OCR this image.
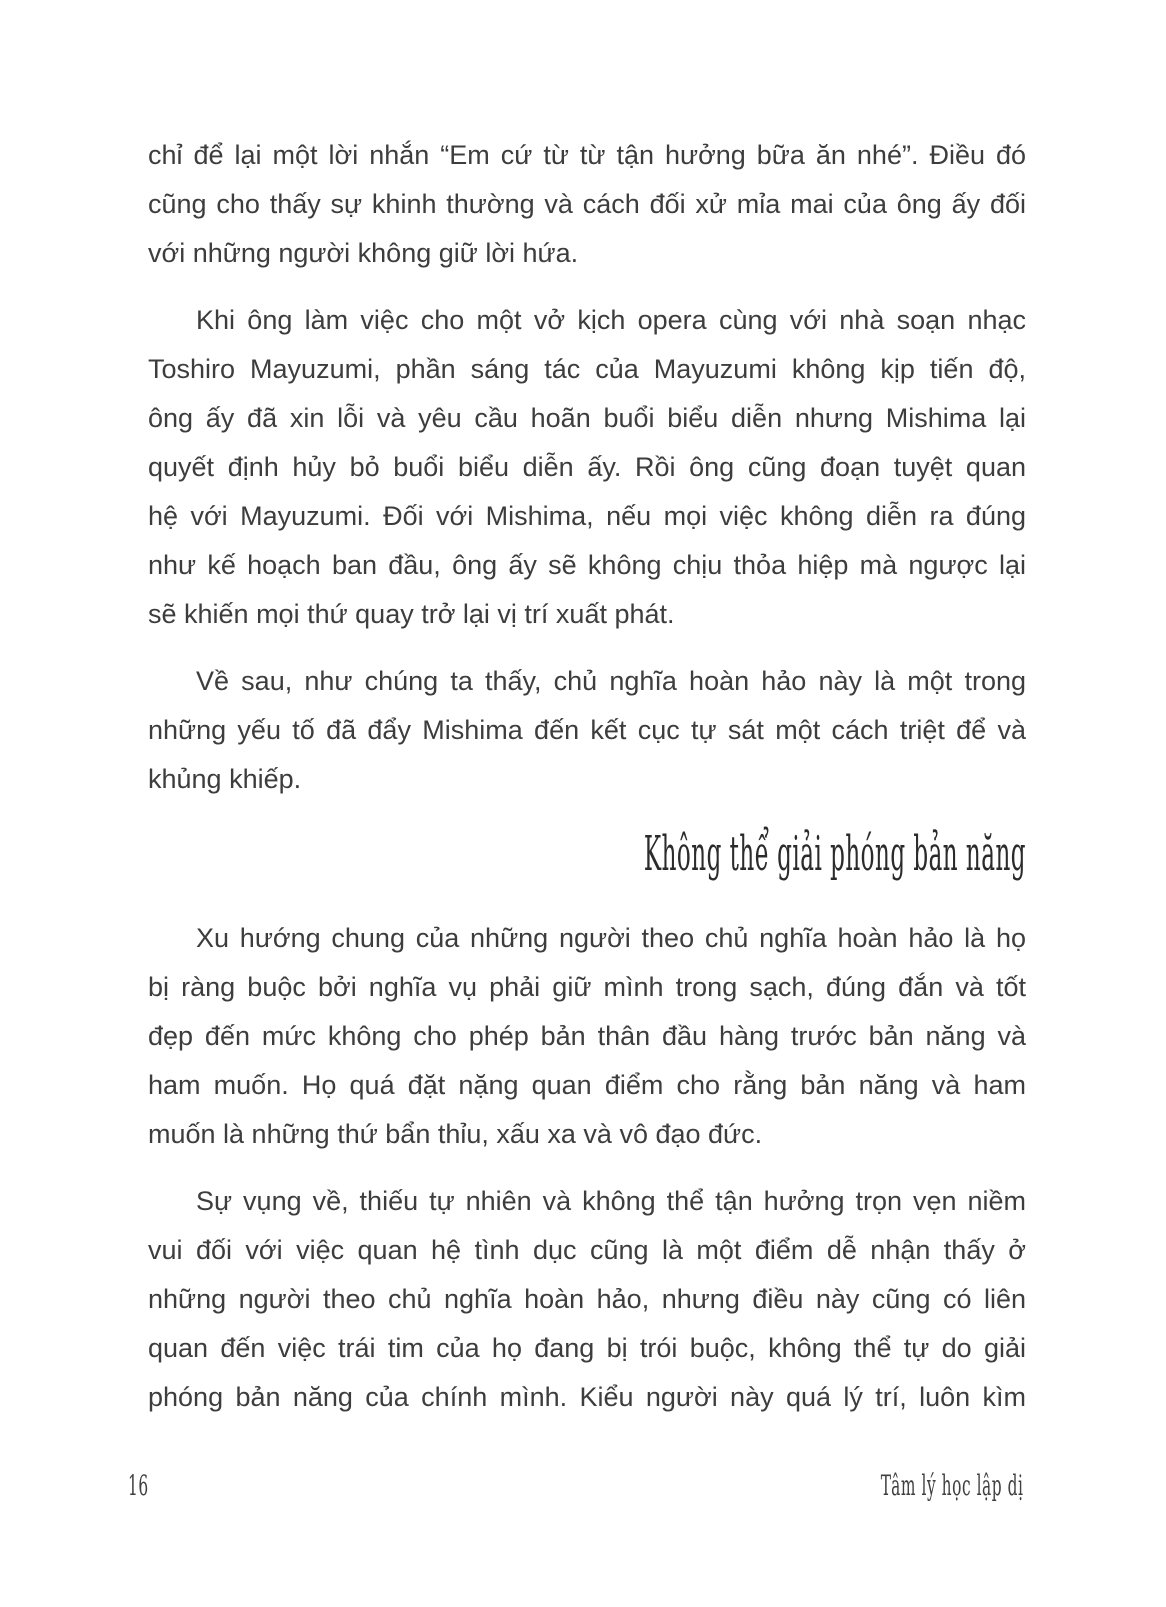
chỉ để lại một lời nhắn “Em cứ từ từ tận hưởng bữa ăn nhé”. Điều đó
cũng cho thấy sự khinh thường và cách đối xử mỉa mai của ông ấy đối
với những người không giữ lời hứa.
Khi ông làm việc cho một vở kịch opera cùng với nhà soạn nhạc
Toshiro Mayuzumi, phần sáng tác của Mayuzumi không kịp tiến độ,
ông ấy đã xin lỗi và yêu cầu hoãn buổi biểu diễn nhưng Mishima lại
quyết định hủy bỏ buổi biểu diễn ấy. Rồi ông cũng đoạn tuyệt quan
hệ với Mayuzumi. Đối với Mishima, nếu mọi việc không diễn ra đúng
như kế hoạch ban đầu, ông ấy sẽ không chịu thỏa hiệp mà ngược lại
sẽ khiến mọi thứ quay trở lại vị trí xuất phát.
Về sau, như chúng ta thấy, chủ nghĩa hoàn hảo này là một trong
những yếu tố đã đẩy Mishima đến kết cục tự sát một cách triệt để và
khủng khiếp.
Không thể giải phóng bản năng
Xu hướng chung của những người theo chủ nghĩa hoàn hảo là họ
bị ràng buộc bởi nghĩa vụ phải giữ mình trong sạch, đúng đắn và tốt
đẹp đến mức không cho phép bản thân đầu hàng trước bản năng và
ham muốn. Họ quá đặt nặng quan điểm cho rằng bản năng và ham
muốn là những thứ bẩn thỉu, xấu xa và vô đạo đức.
Sự vụng về, thiếu tự nhiên và không thể tận hưởng trọn vẹn niềm
vui đối với việc quan hệ tình dục cũng là một điểm dễ nhận thấy ở
những người theo chủ nghĩa hoàn hảo, nhưng điều này cũng có liên
quan đến việc trái tim của họ đang bị trói buộc, không thể tự do giải
phóng bản năng của chính mình. Kiểu người này quá lý trí, luôn kìm
16	Tâm lý học lập dị
